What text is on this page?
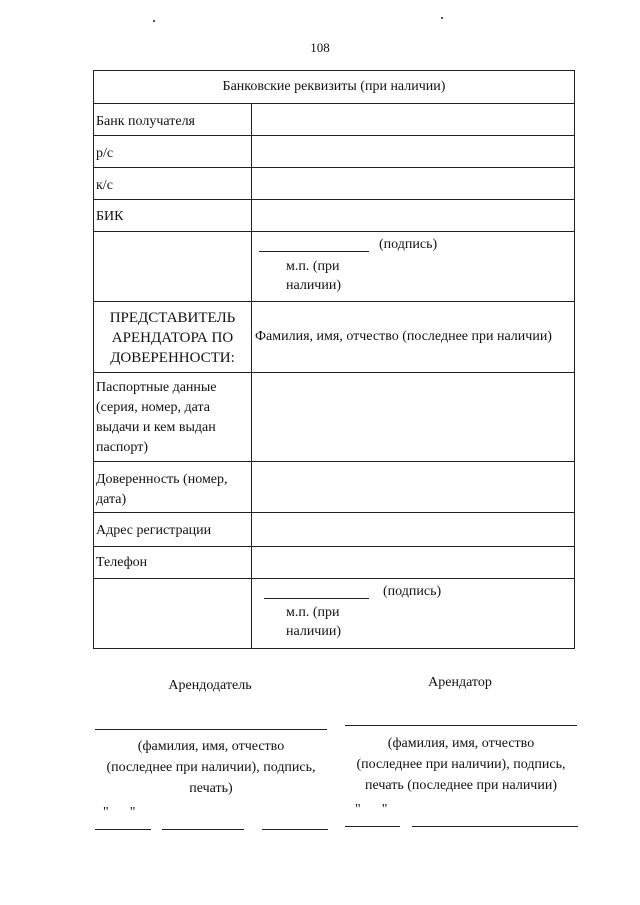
108
Банковские реквизиты (при наличии)
Банк получателя
р/с
к/с
БИК
(подпись)
м.п. (при
наличии)
ПРЕДСТАВИТЕЛЬ
АРЕНДАТОРА ПО
ДОВЕРЕННОСТИ:
Фамилия, имя, отчество (последнее при наличии)
Паспортные данные
(серия, номер, дата
выдачи и кем выдан
паспорт)
Доверенность (номер,
дата)
Адрес регистрации
Телефон
(подпись)
м.п. (при
наличии)
Арендодатель
(фамилия, имя, отчество
(последнее при наличии), подпись,
печать)
"      "
Арендатор
(фамилия, имя, отчество
(последнее при наличии), подпись,
печать (последнее при наличии)
"      "
